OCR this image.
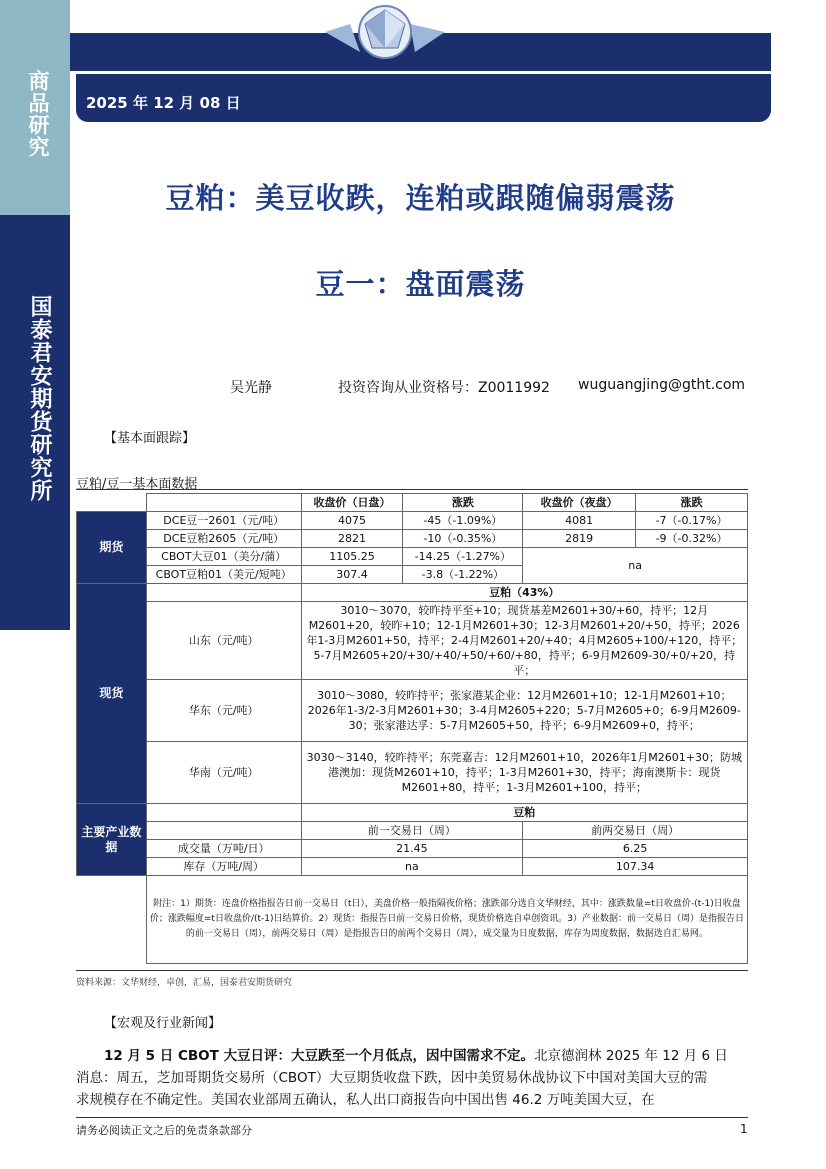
商品研究
国泰君安期货研究所
2025 年 12 月 08 日
豆粕：美豆收跌，连粕或跟随偏弱震荡
豆一：盘面震荡
吴光静	投资咨询从业资格号：Z0011992 wuguangjing@gtht.com
【基本面跟踪】
豆粕/豆一基本面数据
		收盘价（日盘）	涨跌	收盘价（夜盘）	涨跌
期货	DCE豆一2601（元/吨）	4075	-45（-1.09%）	4081	-7（-0.17%）
	DCE豆粕2605（元/吨）	2821	-10（-0.35%）	2819	-9（-0.32%）
	CBOT大豆01（美分/蒲）	1105.25	-14.25（-1.27%）	na	
	CBOT豆粕01（美元/短吨）	307.4	-3.8（-1.22%）		
现货		豆粕（43%）			
	山东（元/吨）	3010～3070，较昨持平至+10；现货基差M2601+30/+60，持平；12月M2601+20，较昨+10；12-1月M2601+30；12-3月M2601+20/+50，持平；2026年1-3月M2601+50，持平；2-4月M2601+20/+40；4月M2605+100/+120，持平；5-7月M2605+20/+30/+40/+50/+60/+80，持平；6-9月M2609-30/+0/+20，持平；			
	华东（元/吨）	3010～3080，较昨持平；张家港某企业：12月M2601+10；12-1月M2601+10；2026年1-3/2-3月M2601+30；3-4月M2605+220；5-7月M2605+0；6-9月M2609-30；张家港达孚：5-7月M2605+50，持平；6-9月M2609+0，持平；			
	华南（元/吨）	3030～3140，较昨持平；东莞嘉吉：12月M2601+10，2026年1月M2601+30；防城港澳加：现货M2601+10，持平；1-3月M2601+30，持平；海南澳斯卡：现货M2601+80，持平；1-3月M2601+100，持平；			
主要产业数据		豆粕			
		前一交易日（周）		前两交易日（周）	
	成交量（万吨/日）	21.45		6.25	
	库存（万吨/周）	na		107.34	
	附注：1）期货：连盘价格指报告日前一交易日（t日），美盘价格一般指隔夜价格；涨跌部分选自文华财经，其中：涨跌数量=t日收盘价-(t-1)日收盘价；涨跌幅度=t日收盘价/(t-1)日结算价。2）现货：指报告日前一交易日价格，现货价格选自卓创资讯。3）产业数据：前一交易日（周）是指报告日的前一交易日（周），前两交易日（周）是指报告日的前两个交易日（周），成交量为日度数据，库存为周度数据，数据选自汇易网。				
资料来源：文华财经，卓创，汇易，国泰君安期货研究
【宏观及行业新闻】
12 月 5 日 CBOT 大豆日评：大豆跌至一个月低点，因中国需求不定。北京德润林 2025 年 12 月 6 日
消息：周五，芝加哥期货交易所（CBOT）大豆期货收盘下跌，因中美贸易休战协议下中国对美国大豆的需
求规模存在不确定性。美国农业部周五确认，私人出口商报告向中国出售 46.2 万吨美国大豆，在
请务必阅读正文之后的免责条款部分	1
